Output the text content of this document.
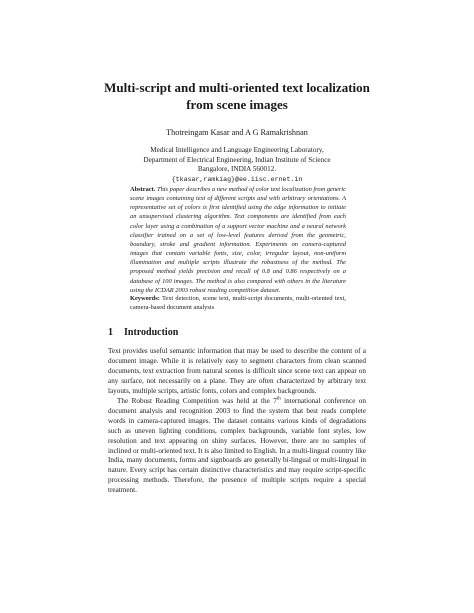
Multi-script and multi-oriented text localization
from scene images
Thotreingam Kasar and A G Ramakrishnan
Medical Intelligence and Language Engineering Laboratory,
Department of Electrical Engineering, Indian Institute of Science
Bangalore, INDIA 560012.
{tkasar,ramkiag}@ee.iisc.ernet.in
Abstract. This paper describes a new method of color text localization from generic scene images containing text of different scripts and with arbitrary orientations. A representative set of colors is first identified using the edge information to initiate an unsupervised clustering algorithm. Text components are identified from each color layer using a combination of a support vector machine and a neural network classifier trained on a set of low-level features derived from the geometric, boundary, stroke and gradient information. Experiments on camera-captured images that contain variable fonts, size, color, irregular layout, non-uniform illumination and multiple scripts illustrate the robustness of the method. The proposed method yields precision and recall of 0.8 and 0.86 respectively on a database of 100 images. The method is also compared with others in the literature using the ICDAR 2003 robust reading competition dataset.
Keywords: Text detection, scene text, multi-script documents, multi-oriented text, camera-based document analysis
1 Introduction

Text provides useful semantic information that may be used to describe the content of a document image. While it is relatively easy to segment characters from clean scanned documents, text extraction from natural scenes is difficult since scene text can appear on any surface, not necessarily on a plane. They are often characterized by arbitrary text layouts, multiple scripts, artistic fonts, colors and complex backgrounds.

The Robust Reading Competition was held at the 7th international conference on document analysis and recognition 2003 to find the system that best reads complete words in camera-captured images. The dataset contains various kinds of degradations such as uneven lighting conditions, complex backgrounds, variable font styles, low resolution and text appearing on shiny surfaces. However, there are no samples of inclined or multi-oriented text. It is also limited to English. In a multi-lingual country like India, many documents, forms and signboards are generally bi-lingual or multi-lingual in nature. Every script has certain distinctive characteristics and may require script-specific processing methods. Therefore, the presence of multiple scripts require a special treatment.
